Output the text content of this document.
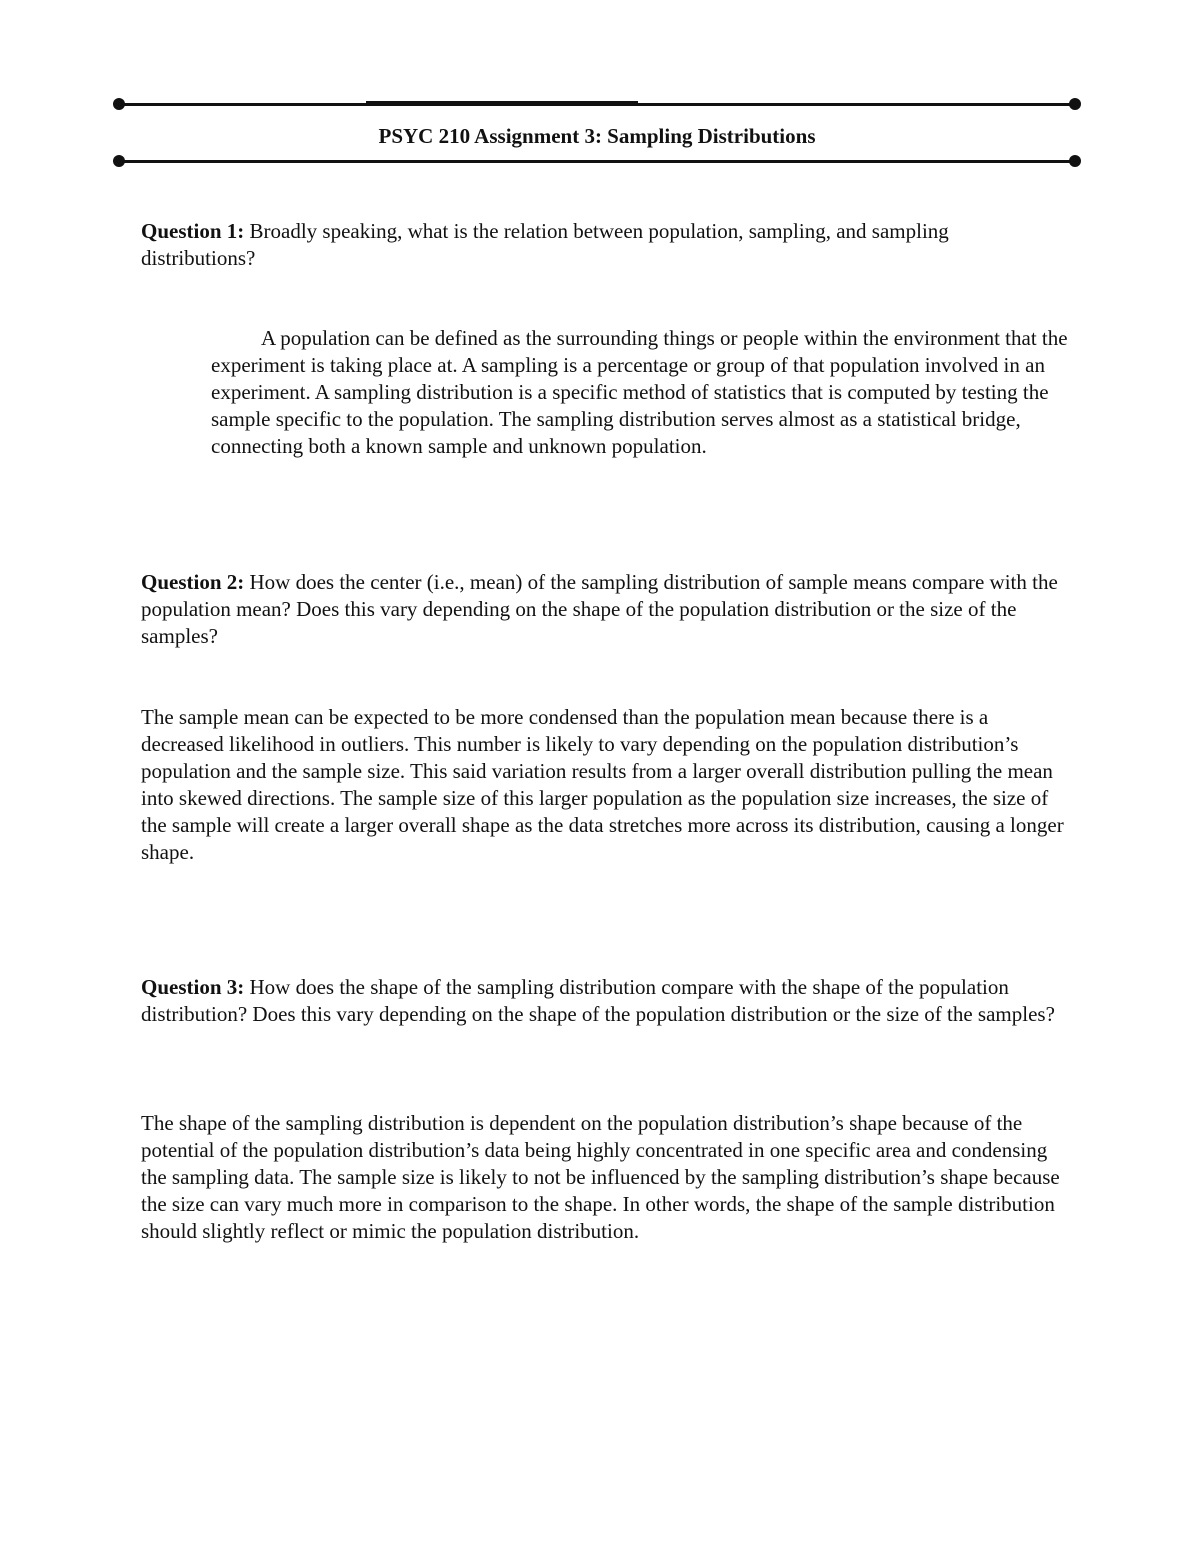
PSYC 210 Assignment 3: Sampling Distributions

Question 1: Broadly speaking, what is the relation between population, sampling, and sampling distributions?

A population can be defined as the surrounding things or people within the environment that the experiment is taking place at. A sampling is a percentage or group of that population involved in an experiment. A sampling distribution is a specific method of statistics that is computed by testing the sample specific to the population. The sampling distribution serves almost as a statistical bridge, connecting both a known sample and unknown population.

Question 2: How does the center (i.e., mean) of the sampling distribution of sample means compare with the population mean? Does this vary depending on the shape of the population distribution or the size of the samples?

The sample mean can be expected to be more condensed than the population mean because there is a decreased likelihood in outliers. This number is likely to vary depending on the population distribution’s population and the sample size. This said variation results from a larger overall distribution pulling the mean into skewed directions. The sample size of this larger population as the population size increases, the size of the sample will create a larger overall shape as the data stretches more across its distribution, causing a longer shape.

Question 3: How does the shape of the sampling distribution compare with the shape of the population distribution? Does this vary depending on the shape of the population distribution or the size of the samples?

The shape of the sampling distribution is dependent on the population distribution’s shape because of the potential of the population distribution’s data being highly concentrated in one specific area and condensing the sampling data. The sample size is likely to not be influenced by the sampling distribution’s shape because the size can vary much more in comparison to the shape. In other words, the shape of the sample distribution should slightly reflect or mimic the population distribution.
